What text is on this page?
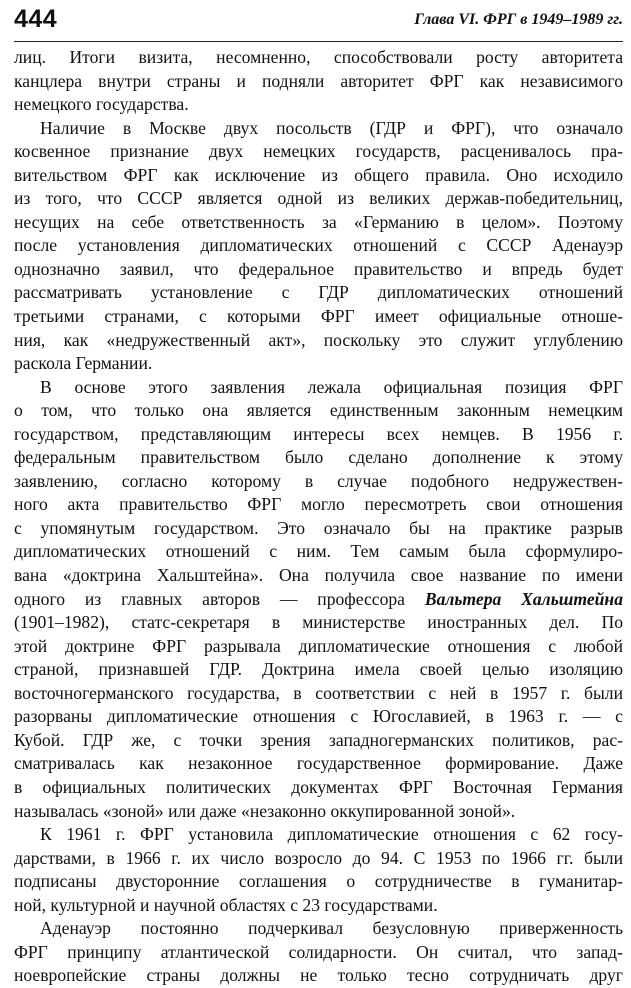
444	Глава VI. ФРГ в 1949–1989 гг.
лиц. Итоги визита, несомненно, способствовали росту авторитета
канцлера внутри страны и подняли авторитет ФРГ как независимого
немецкого государства.
Наличие в Москве двух посольств (ГДР и ФРГ), что означало
косвенное признание двух немецких государств, расценивалось пра-
вительством ФРГ как исключение из общего правила. Оно исходило
из того, что СССР является одной из великих держав-победительниц,
несущих на себе ответственность за «Германию в целом». Поэтому
после установления дипломатических отношений с СССР Аденауэр
однозначно заявил, что федеральное правительство и впредь будет
рассматривать установление с ГДР дипломатических отношений
третьими странами, с которыми ФРГ имеет официальные отноше-
ния, как «недружественный акт», поскольку это служит углублению
раскола Германии.
В основе этого заявления лежала официальная позиция ФРГ
о том, что только она является единственным законным немецким
государством, представляющим интересы всех немцев. В 1956 г.
федеральным правительством было сделано дополнение к этому
заявлению, согласно которому в случае подобного недружествен-
ного акта правительство ФРГ могло пересмотреть свои отношения
с упомянутым государством. Это означало бы на практике разрыв
дипломатических отношений с ним. Тем самым была сформулиро-
вана «доктрина Хальштейна». Она получила свое название по имени
одного из главных авторов — профессора Вальтера Хальштейна
(1901–1982), статс-секретаря в министерстве иностранных дел. По
этой доктрине ФРГ разрывала дипломатические отношения с любой
страной, признавшей ГДР. Доктрина имела своей целью изоляцию
восточногерманского государства, в соответствии с ней в 1957 г. были
разорваны дипломатические отношения с Югославией, в 1963 г. — с
Кубой. ГДР же, с точки зрения западногерманских политиков, рас-
сматривалась как незаконное государственное формирование. Даже
в официальных политических документах ФРГ Восточная Германия
называлась «зоной» или даже «незаконно оккупированной зоной».
К 1961 г. ФРГ установила дипломатические отношения с 62 госу-
дарствами, в 1966 г. их число возросло до 94. С 1953 по 1966 гг. были
подписаны двусторонние соглашения о сотрудничестве в гуманитар-
ной, культурной и научной областях с 23 государствами.
Аденауэр постоянно подчеркивал безусловную приверженность
ФРГ принципу атлантической солидарности. Он считал, что запад-
ноевропейские страны должны не только тесно сотрудничать друг
